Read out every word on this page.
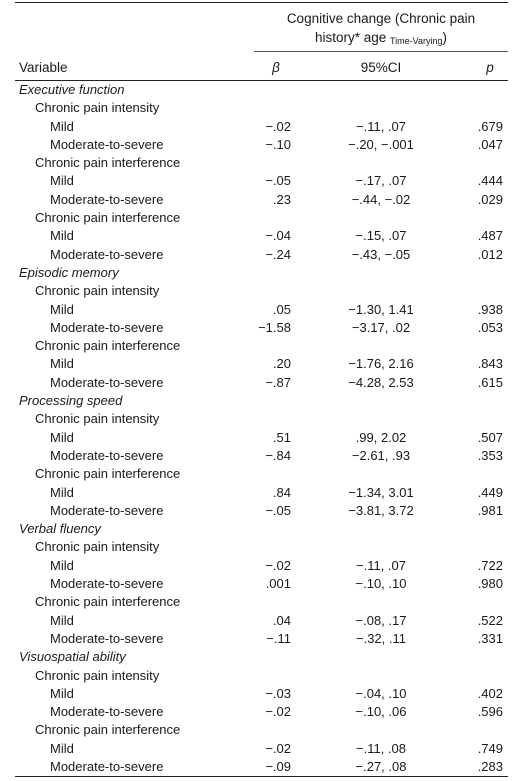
Cognitive change (Chronic pain
history* age $_{Time-Varying}$)
Variable	β	95%CI	p
Executive function
Chronic pain intensity
Mild	−.02	−.11, .07	.679
Moderate-to-severe	−.10	−.20, −.001	.047
Chronic pain interference
Mild	−.05	−.17, .07	.444
Moderate-to-severe	.23	−.44, −.02	.029
Chronic pain interference
Mild	−.04	−.15, .07	.487
Moderate-to-severe	−.24	−.43, −.05	.012
Episodic memory
Chronic pain intensity
Mild	.05	−1.30, 1.41	.938
Moderate-to-severe	−1.58	−3.17, .02	.053
Chronic pain interference
Mild	.20	−1.76, 2.16	.843
Moderate-to-severe	−.87	−4.28, 2.53	.615
Processing speed
Chronic pain intensity
Mild	.51	.99, 2.02	.507
Moderate-to-severe	−.84	−2.61, .93	.353
Chronic pain interference
Mild	.84	−1.34, 3.01	.449
Moderate-to-severe	−.05	−3.81, 3.72	.981
Verbal fluency
Chronic pain intensity
Mild	−.02	−.11, .07	.722
Moderate-to-severe	.001	−.10, .10	.980
Chronic pain interference
Mild	.04	−.08, .17	.522
Moderate-to-severe	−.11	−.32, .11	.331
Visuospatial ability
Chronic pain intensity
Mild	−.03	−.04, .10	.402
Moderate-to-severe	−.02	−.10, .06	.596
Chronic pain interference
Mild	−.02	−.11, .08	.749
Moderate-to-severe	−.09	−.27, .08	.283
